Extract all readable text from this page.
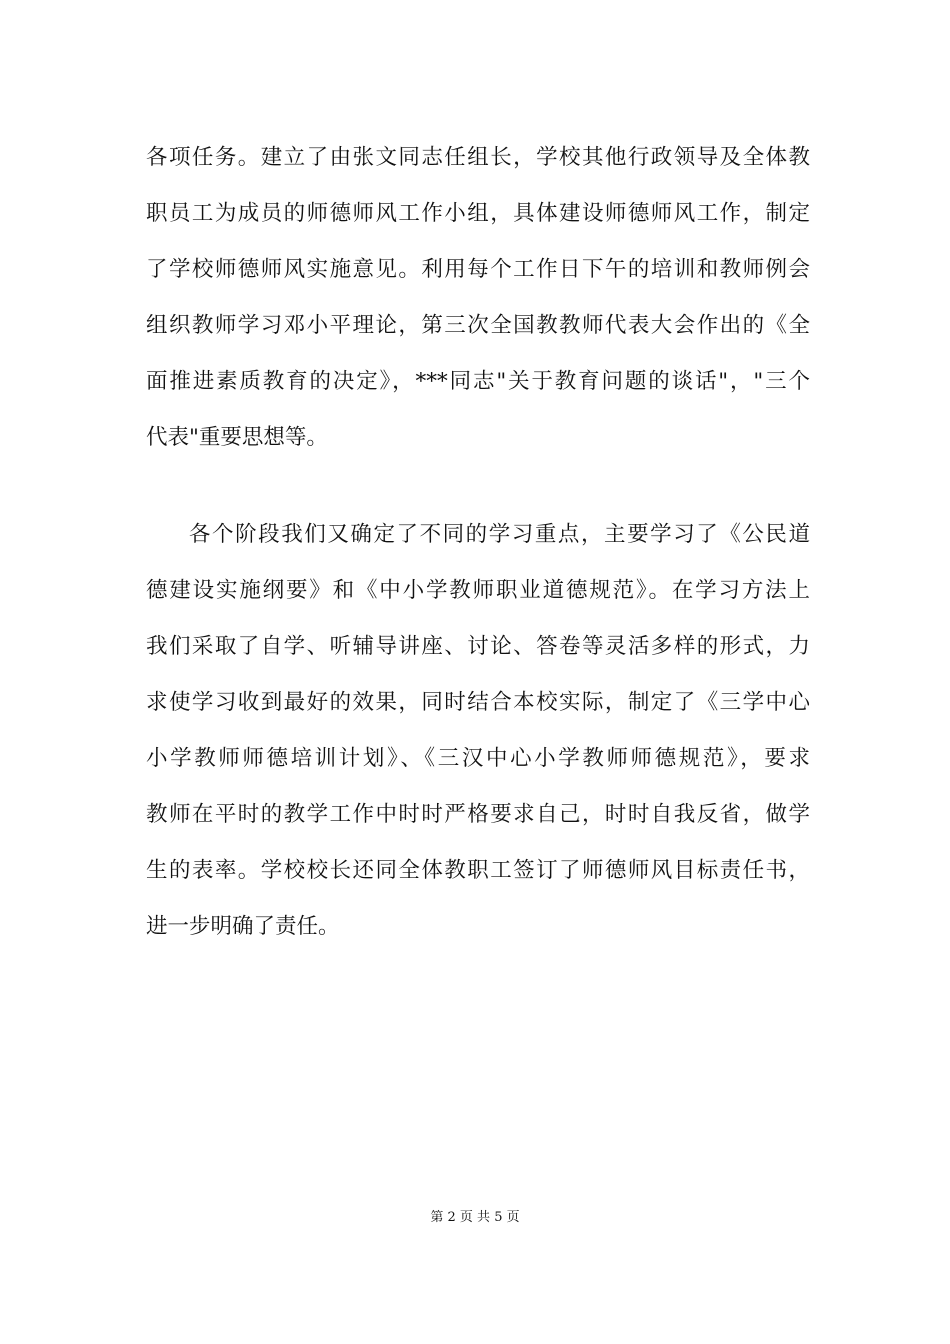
各项任务。建立了由张文同志任组长，学校其他行政领导及全体教
职员工为成员的师德师风工作小组，具体建设师德师风工作，制定
了学校师德师风实施意见。利用每个工作日下午的培训和教师例会
组织教师学习邓小平理论，第三次全国教教师代表大会作出的《全
面推进素质教育的决定》，***同志"关于教育问题的谈话"，"三个
代表"重要思想等。
各个阶段我们又确定了不同的学习重点，主要学习了《公民道
德建设实施纲要》和《中小学教师职业道德规范》。在学习方法上
我们采取了自学、听辅导讲座、讨论、答卷等灵活多样的形式，力
求使学习收到最好的效果，同时结合本校实际，制定了《三学中心
小学教师师德培训计划》、《三汉中心小学教师师德规范》，要求
教师在平时的教学工作中时时严格要求自己，时时自我反省，做学
生的表率。学校校长还同全体教职工签订了师德师风目标责任书，
进一步明确了责任。
第 2 页 共 5 页
